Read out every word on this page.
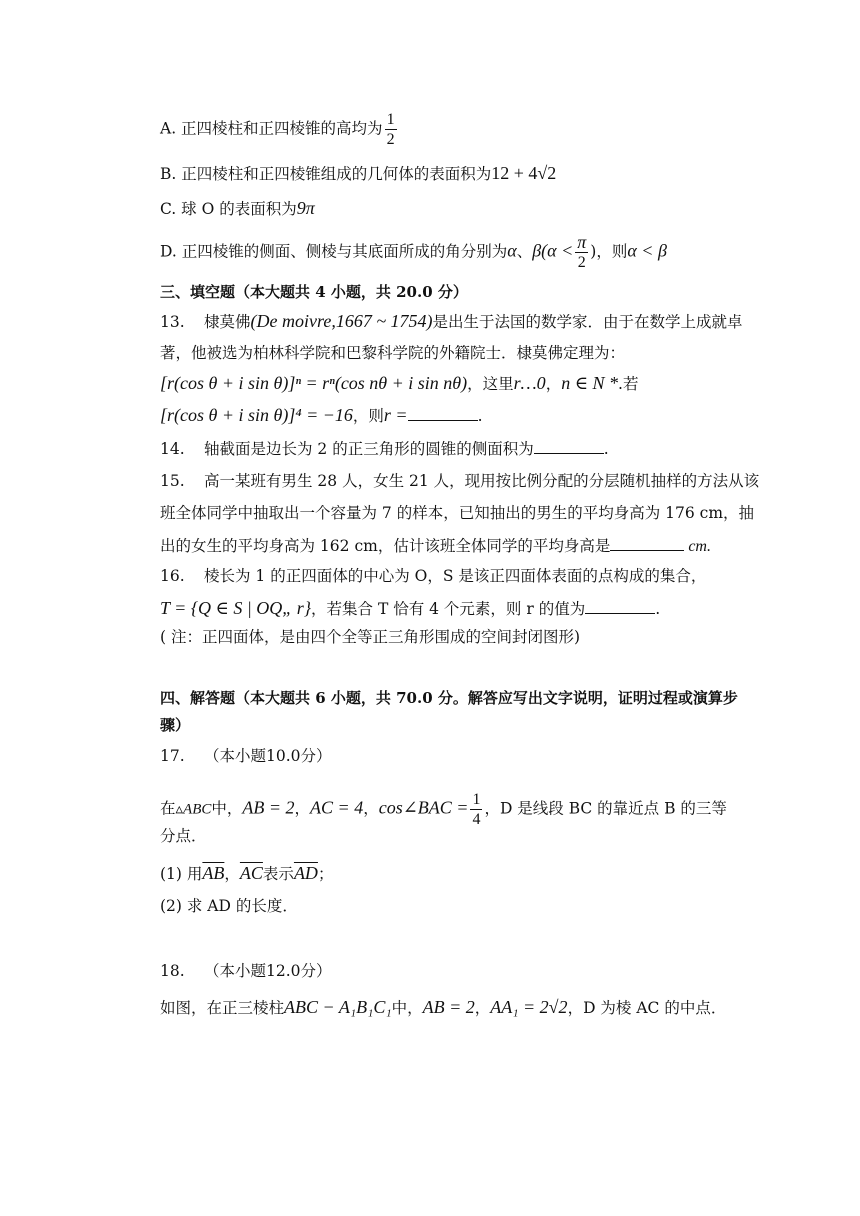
A. 正四棱柱和正四棱锥的高均为 $\frac{1}{2}$
B. 正四棱柱和正四棱锥组成的几何体的表面积为12 + 4√2
C. 球 O 的表面积为9π
D. 正四棱锥的侧面、侧棱与其底面所成的角分别为α、$\beta(\alpha < \frac{\pi}{2}$ )，则α < β
三、填空题（本大题共 4 小题，共 20.0 分）
13. 棣莫佛(De moivre,1667 ~ 1754)是出生于法国的数学家．由于在数学上成就卓
著，他被选为柏林科学院和巴黎科学院的外籍院士．棣莫佛定理为：
[r(cos θ + i sin θ)]ⁿ = rⁿ(cos nθ + i sin nθ)，这里r…0，n ∈ N *.若
[r(cos θ + i sin θ)]⁴ = −16，则r =	.
14. 轴截面是边长为 2 的正三角形的圆锥的侧面积为	.
15. 高一某班有男生 28 人，女生 21 人，现用按比例分配的分层随机抽样的方法从该
班全体同学中抽取出一个容量为 7 的样本，已知抽出的男生的平均身高为 176 cm，抽
出的女生的平均身高为 162 cm，估计该班全体同学的平均身高是	cm.
16. 棱长为 1 的正四面体的中心为 O，S 是该正四面体表面的点构成的集合，
T = {Q ∈ S | OQ„ r}，若集合 T 恰有 4 个元素，则 r 的值为	.
( 注：正四面体，是由四个全等正三角形围成的空间封闭图形)
四、解答题（本大题共 6 小题，共 70.0 分。解答应写出文字说明，证明过程或演算步
骤）
17. （本小题10.0分）
在▵ABC中，AB = 2，AC = 4，cos∠BAC = $\frac{1}{4}$ ，D 是线段 BC 的靠近点 B 的三等
分点．
(1) 用$\overline{AB}$，$\overline{AC}$表示$\overline{AD}$；
(2) 求 AD 的长度．
18. （本小题12.0分）
如图，在正三棱柱ABC − A₁B₁C₁中，AB = 2，AA₁ = 2√2，D 为棱 AC 的中点．
